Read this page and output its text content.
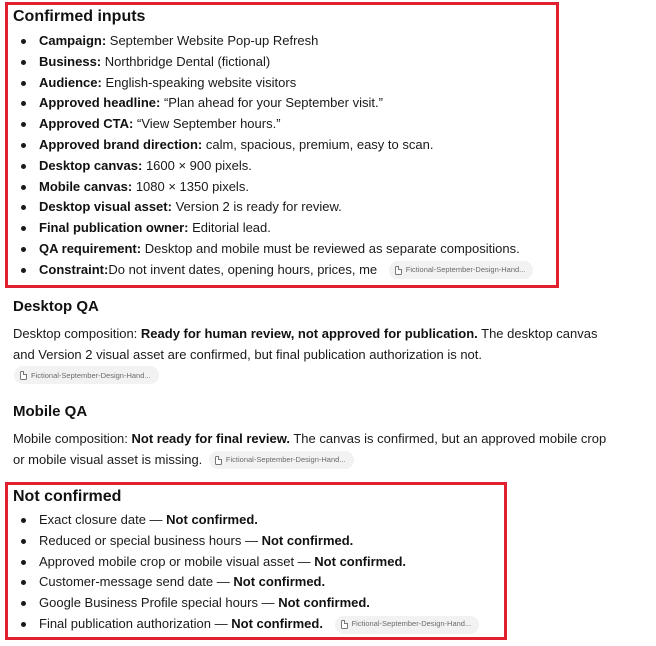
Confirmed inputs
Campaign: September Website Pop-up Refresh
Business: Northbridge Dental (fictional)
Audience: English-speaking website visitors
Approved headline: “Plan ahead for your September visit.”
Approved CTA: “View September hours.”
Approved brand direction: calm, spacious, premium, easy to scan.
Desktop canvas: 1600 × 900 pixels.
Mobile canvas: 1080 × 1350 pixels.
Desktop visual asset: Version 2 is ready for review.
Final publication owner: Editorial lead.
QA requirement: Desktop and mobile must be reviewed as separate compositions.
Constraint:Do not invent dates, opening hours, prices, me	Fictional-September-Design-Hand...
Desktop QA

Desktop composition: Ready for human review, not approved for publication. The desktop canvas
and Version 2 visual asset are confirmed, but final publication authorization is not.

Fictional-September-Design-Hand...
Mobile QA

Mobile composition: Not ready for final review. The canvas is confirmed, but an approved mobile crop
or mobile visual asset is missing.	Fictional-September-Design-Hand...

Not confirmed
Exact closure date — Not confirmed.
Reduced or special business hours — Not confirmed.
Approved mobile crop or mobile visual asset — Not confirmed.
Customer-message send date — Not confirmed.
Google Business Profile special hours — Not confirmed.
Final publication authorization — Not confirmed.	Fictional-September-Design-Hand...
